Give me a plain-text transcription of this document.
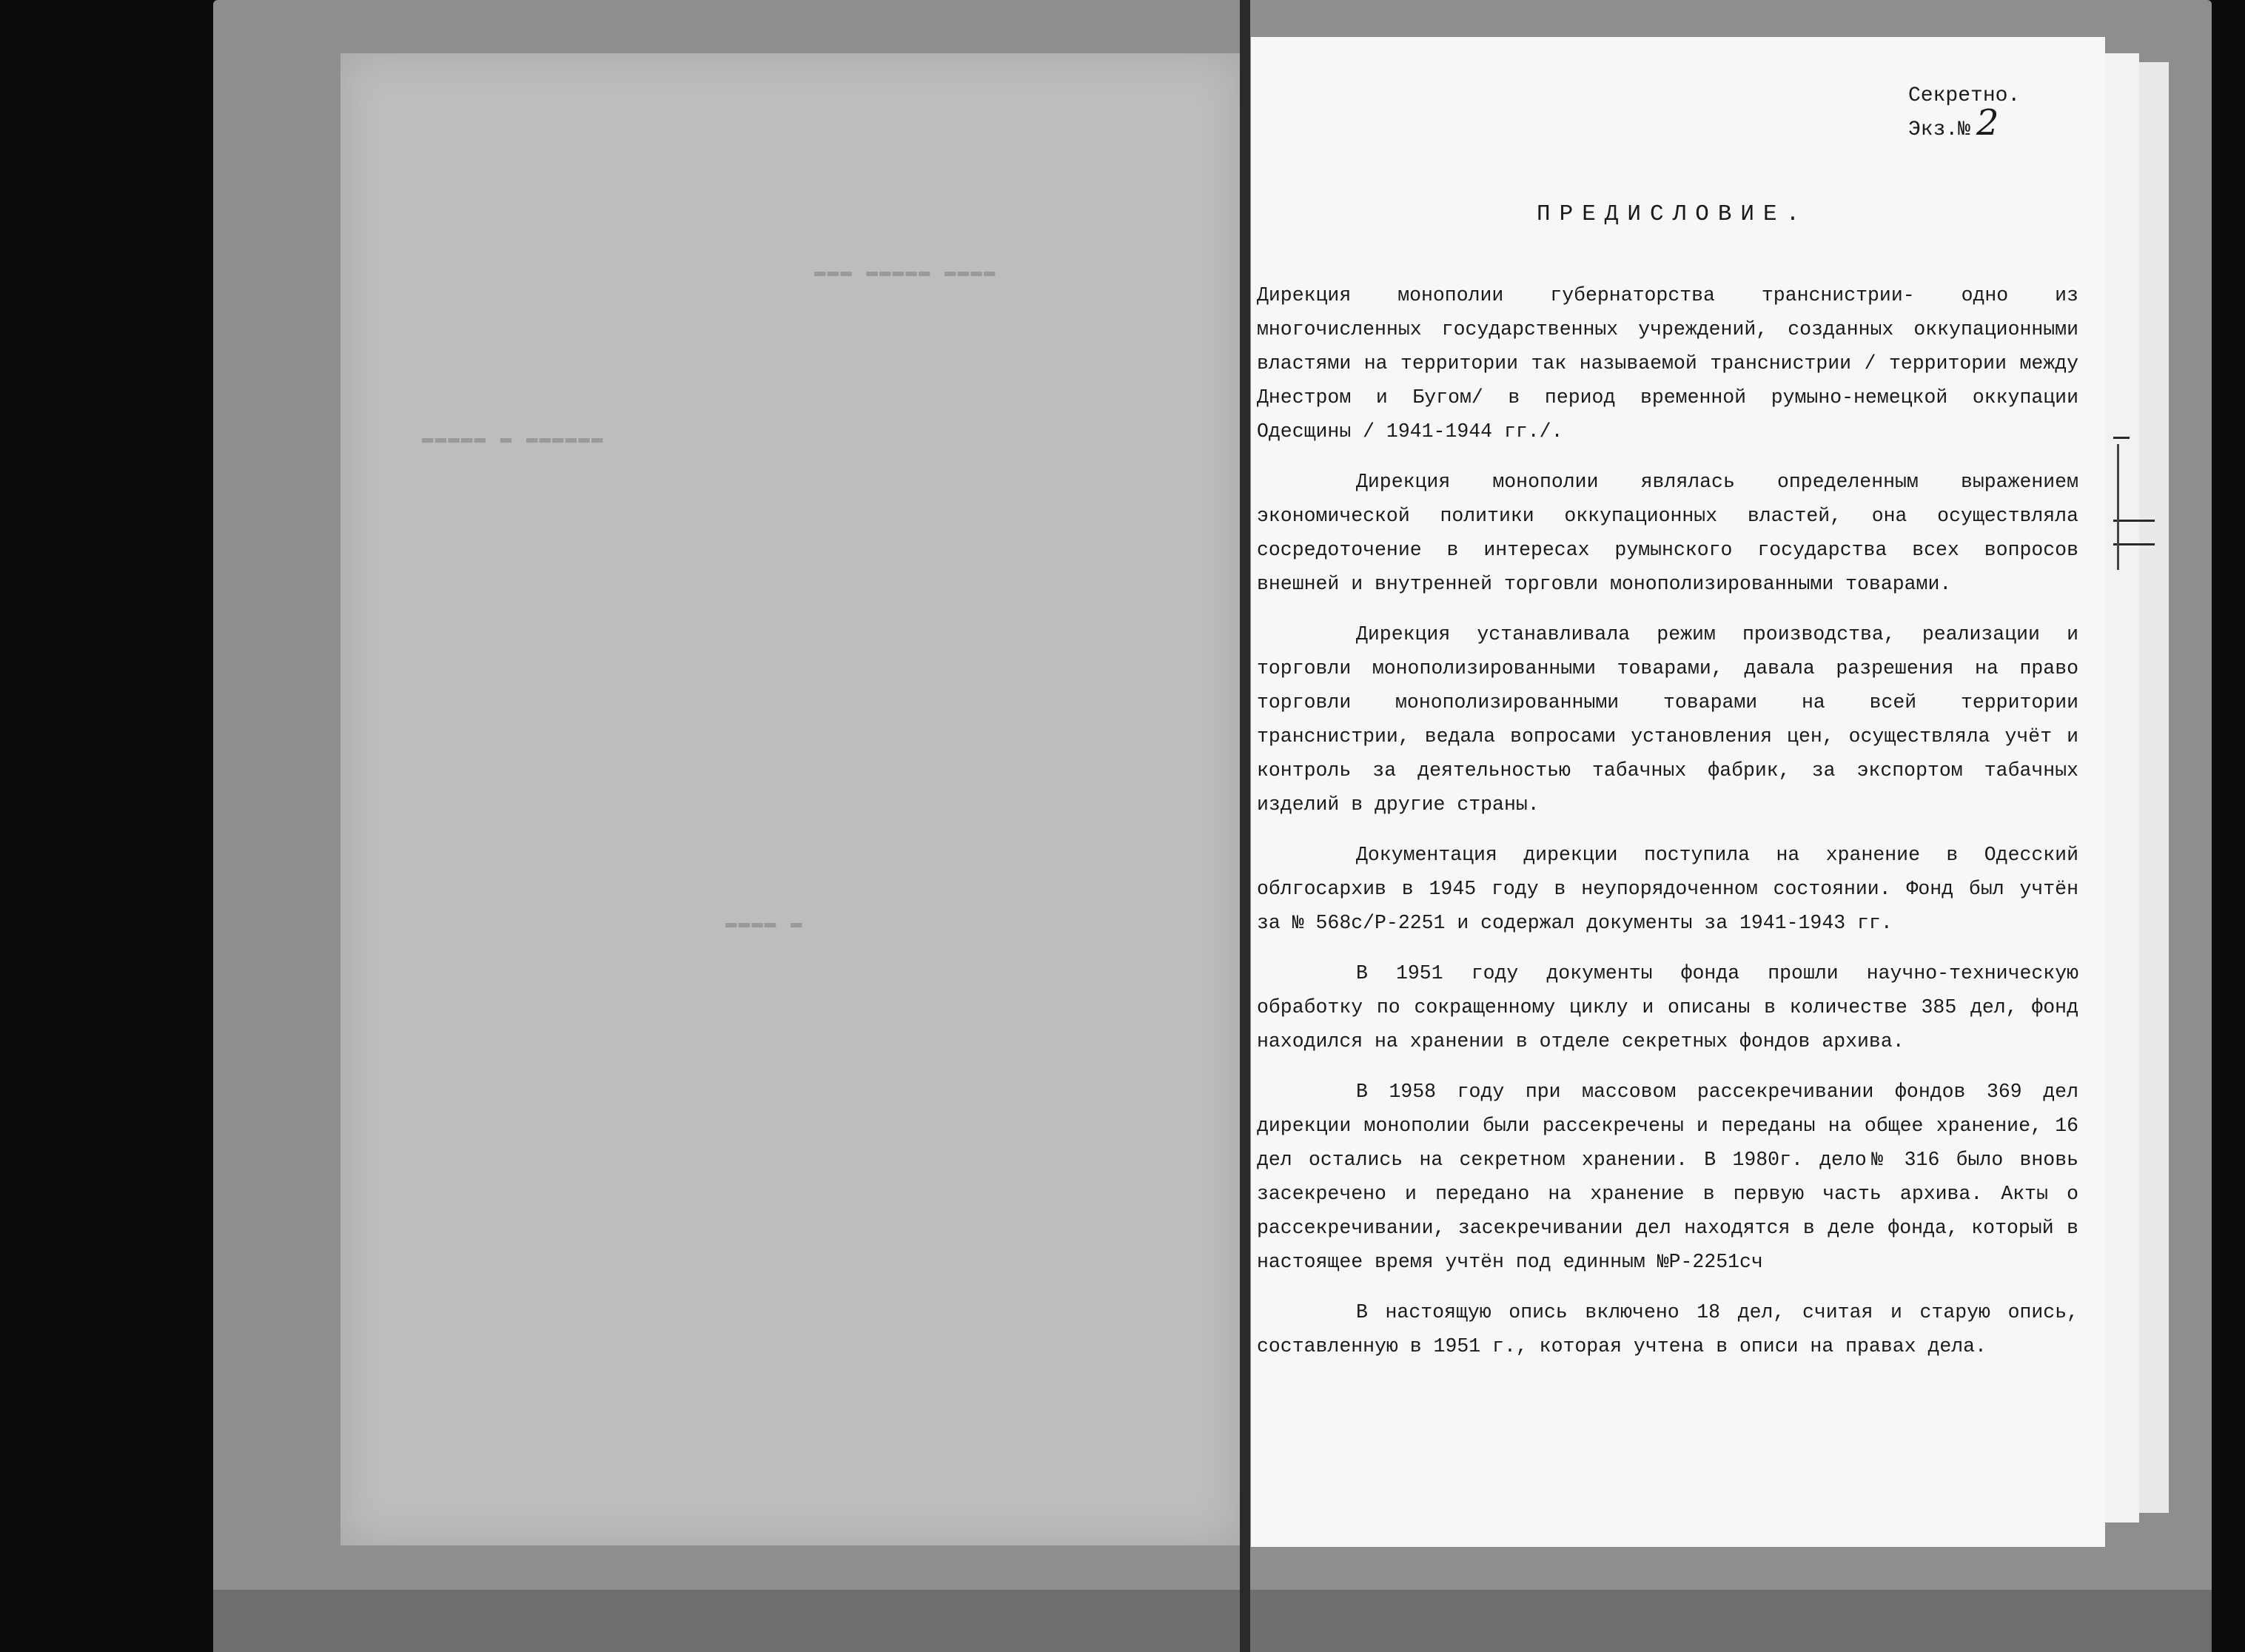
▬▬▬ ▬▬▬▬▬ ▬▬▬▬
▬▬▬▬▬ ▬ ▬▬▬▬▬▬
▬▬▬▬ ▬
Секретно.
Экз.№ 2
ПРЕДИСЛОВИЕ.

Дирекция монополии губернаторства транснистрии- одно из многочисленных государственных учреждений, созданных оккупационными властями на территории так называемой транснистрии / территории между Днестром и Бугом/ в период временной румыно-немецкой оккупации Одесщины / 1941-1944 гг./.

Дирекция монополии являлась определенным выражением экономической политики оккупационных властей, она осуществляла сосредоточение в интересах румынского государства всех вопросов внешней и внутренней торговли монополизированными товарами.

Дирекция устанавливала режим производства, реализации и торговли монополизированными товарами, давала разрешения на право торговли монополизированными товарами на всей территории транснистрии, ведала вопросами установления цен, осуществляла учёт и контроль за деятельностью табачных фабрик, за экспортом табачных изделий в другие страны.

Документация дирекции поступила на хранение в Одесский облгосархив в 1945 году в неупорядоченном состоянии. Фонд был учтён за № 568с/Р-2251 и содержал документы за 1941-1943 гг.

В 1951 году документы фонда прошли научно-техническую обработку по сокращенному циклу и описаны в количестве 385 дел, фонд находился на хранении в отделе секретных фондов архива.

В 1958 году при массовом рассекречивании фондов 369 дел дирекции монополии были рассекречены и переданы на общее хранение, 16 дел остались на секретном хранении. В 1980г. дело№ 316 было вновь засекречено и передано на хранение в первую часть архива. Акты о рассекречивании, засекречивании дел находятся в деле фонда, который в настоящее время учтён под единным №Р-2251сч

В настоящую опись включено 18 дел, считая и старую опись, составленную в 1951 г., которая учтена в описи на правах дела.
